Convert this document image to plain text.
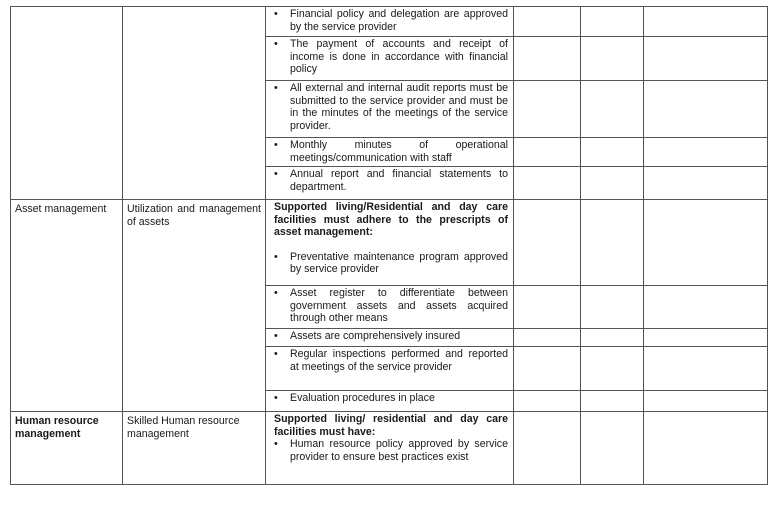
		• Financial policy and delegation are approved by the service provider

		• The payment of accounts and receipt of income is done in accordance with financial policy

		• All external and internal audit reports must be submitted to the service provider and must be in the minutes of the meetings of the service provider.

		• Monthly minutes of operational meetings/communication with staff

		• Annual report and financial statements to department.

Asset management	Utilization and management of assets	Supported living/Residential and day care facilities must adhere to the prescripts of asset management:
• Preventative maintenance program approved by service provider

		• Asset register to differentiate between government assets and assets acquired through other means

		• Assets are comprehensively insured

		• Regular inspections performed and reported at meetings of the service provider

		• Evaluation procedures in place

Human resource management	Skilled Human resource management	Supported living/ residential and day care facilities must have:
• Human resource policy approved by service provider to ensure best practices exist
